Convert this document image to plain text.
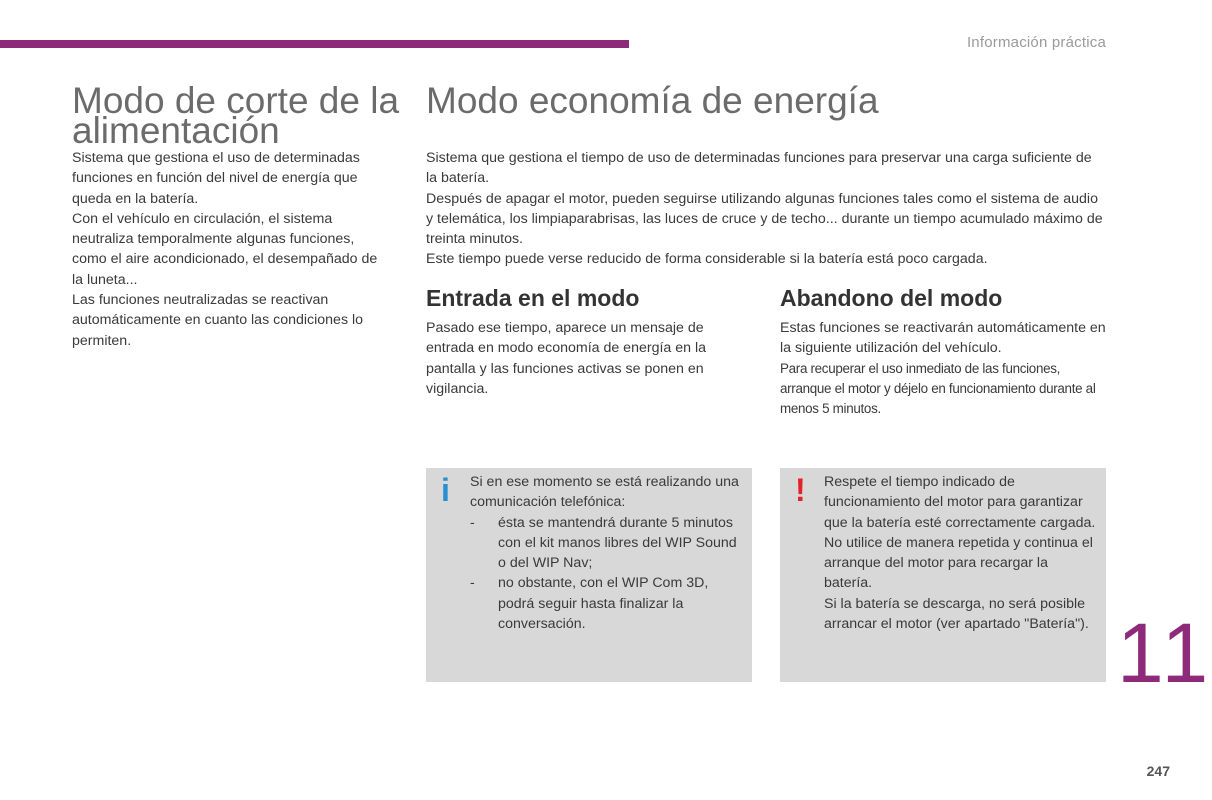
Información práctica
Modo de corte de la alimentación

Sistema que gestiona el uso de determinadas funciones en función del nivel de energía que queda en la batería.

Con el vehículo en circulación, el sistema neutraliza temporalmente algunas funciones, como el aire acondicionado, el desempañado de la luneta...

Las funciones neutralizadas se reactivan automáticamente en cuanto las condiciones lo permiten.

Modo economía de energía

Sistema que gestiona el tiempo de uso de determinadas funciones para preservar una carga suficiente de la batería.

Después de apagar el motor, pueden seguirse utilizando algunas funciones tales como el sistema de audio y telemática, los limpiaparabrisas, las luces de cruce y de techo... durante un tiempo acumulado máximo de treinta minutos.

Este tiempo puede verse reducido de forma considerable si la batería está poco cargada.

Entrada en el modo

Pasado ese tiempo, aparece un mensaje de entrada en modo economía de energía en la pantalla y las funciones activas se ponen en vigilancia.

Abandono del modo

Estas funciones se reactivarán automáticamente en la siguiente utilización del vehículo.

Para recuperar el uso inmediato de las funciones, arranque el motor y déjelo en funcionamiento durante al menos 5 minutos.

i Si en ese momento se está realizando una comunicación telefónica:

-	ésta se mantendrá durante 5 minutos con el kit manos libres del WIP Sound o del WIP Nav;
-	no obstante, con el WIP Com 3D, podrá seguir hasta finalizar la conversación.
! Respete el tiempo indicado de funcionamiento del motor para garantizar que la batería esté correctamente cargada.

No utilice de manera repetida y continua el arranque del motor para recargar la batería.

Si la batería se descarga, no será posible arrancar el motor (ver apartado "Batería"). 11
247
